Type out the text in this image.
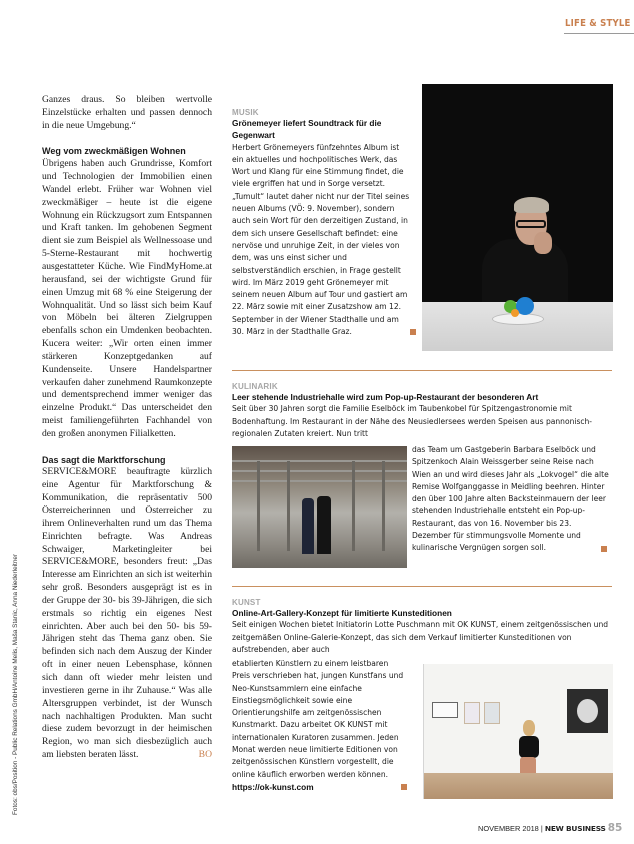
LIFE & STYLE
Fotos: obs/Position - Public Relations GmbH/Antoine Melis, Maša Stanic, Anna Niederleitner

Ganzes draus. So bleiben wertvolle Einzelstücke erhalten und passen dennoch in die neue Umgebung.“

Weg vom zweckmäßigen Wohnen

Übrigens haben auch Grundrisse, Komfort und Technologien der Immobilien einen Wandel erlebt. Früher war Wohnen viel zweckmäßiger – heute ist die eigene Wohnung ein Rückzugsort zum Entspannen und Kraft tanken. Im gehobenen Segment dient sie zum Beispiel als Wellnessoase und 5-Sterne-Restaurant mit hochwertig ausgestatteter Küche. Wie FindMyHome.at herausfand, sei der wichtigste Grund für einen Umzug mit 68 % eine Steigerung der Wohnqualität. Und so lässt sich beim Kauf von Möbeln bei älteren Zielgruppen ebenfalls schon ein Umdenken beobachten. Kucera weiter: „Wir orten einen immer stärkeren Konzeptgedanken auf Kundenseite. Unsere Handelspartner verkaufen daher zunehmend Raumkonzepte und dementsprechend immer weniger das einzelne Produkt.“ Das unterscheidet den meist familiengeführten Fachhandel von den großen anonymen Filialketten.

Das sagt die Marktforschung

SERVICE&MORE beauftragte kürzlich eine Agentur für Marktforschung & Kommunikation, die repräsentativ 500 Österreicherinnen und Österreicher zu ihrem Onlineverhalten rund um das Thema Einrichten befragte. Was Andreas Schwaiger, Marketingleiter bei SERVICE&MORE, besonders freut: „Das Interesse am Einrichten an sich ist weiterhin sehr groß. Besonders ausgeprägt ist es in der Gruppe der 30- bis 39-Jährigen, die sich erstmals so richtig ein eigenes Nest einrichten. Aber auch bei den 50- bis 59-Jährigen steht das Thema ganz oben. Sie befinden sich nach dem Auszug der Kinder oft in einer neuen Lebensphase, können sich dann oft wieder mehr leisten und investieren gerne in ihr Zuhause.“ Was alle Altersgruppen verbindet, ist der Wunsch nach nachhaltigen Produkten. Man sucht diese zudem bevorzugt in der heimischen Region, wo man sich diesbezüglich auch am liebsten beraten lässt.	BO

MUSIK
Grönemeyer liefert Soundtrack für die Gegenwart
Herbert Grönemeyers fünfzehntes Album ist ein aktuelles und hochpolitisches Werk, das Wort und Klang für eine Stimmung findet, die viele ergriffen hat und in Sorge versetzt. „Tumult“ lautet daher nicht nur der Titel seines neuen Albums (VÖ: 9. November), sondern auch sein Wort für den derzeitigen Zustand, in dem sich unsere Gesellschaft befindet: eine nervöse und unruhige Zeit, in der vieles von dem, was uns einst sicher und selbstverständlich erschien, in Frage gestellt wird. Im März 2019 geht Grönemeyer mit seinem neuen Album auf Tour und gastiert am 22. März sowie mit einer Zusatzshow am 12. September in der Wiener Stadthalle und am 30. März in der Stadthalle Graz.
KULINARIK
Leer stehende Industriehalle wird zum Pop-up-Restaurant der besonderen Art
Seit über 30 Jahren sorgt die Familie Eselböck im Taubenkobel für Spitzengastronomie mit Bodenhaftung. Im Restaurant in der Nähe des Neusiedlersees werden Speisen aus pannonisch-regionalen Zutaten kreiert. Nun tritt
das Team um Gastgeberin Barbara Eselböck und Spitzenkoch Alain Weissgerber seine Reise nach Wien an und wird dieses Jahr als „Lokvogel“ die alte Remise Wolfganggasse in Meidling beehren. Hinter den über 100 Jahre alten Backsteinmauern der leer stehenden Industriehalle entsteht ein Pop-up-Restaurant, das von 16. November bis 23. Dezember für stimmungsvolle Momente und kulinarische Vergnügen sorgen soll.
KUNST
Online-Art-Gallery-Konzept für limitierte Kunsteditionen
Seit einigen Wochen bietet Initiatorin Lotte Puschmann mit OK KUNST, einem zeitgenössischen und zeitgemäßen Online-Galerie-Konzept, das sich dem Verkauf limitierter Kunsteditionen von aufstrebenden, aber auch
etablierten Künstlern zu einem leistbaren Preis verschrieben hat, jungen Kunstfans und Neo-Kunstsammlern eine einfache Einstiegsmöglichkeit sowie eine Orientierungshilfe am zeitgenössischen Kunstmarkt. Dazu arbeitet OK KUNST mit internationalen Kuratoren zusammen. Jeden Monat werden neue limitierte Editionen von zeitgenössischen Künstlern vorgestellt, die online käuflich erworben werden können.
https://ok-kunst.com
NOVEMBER 2018 | NEW BUSINESS 85
